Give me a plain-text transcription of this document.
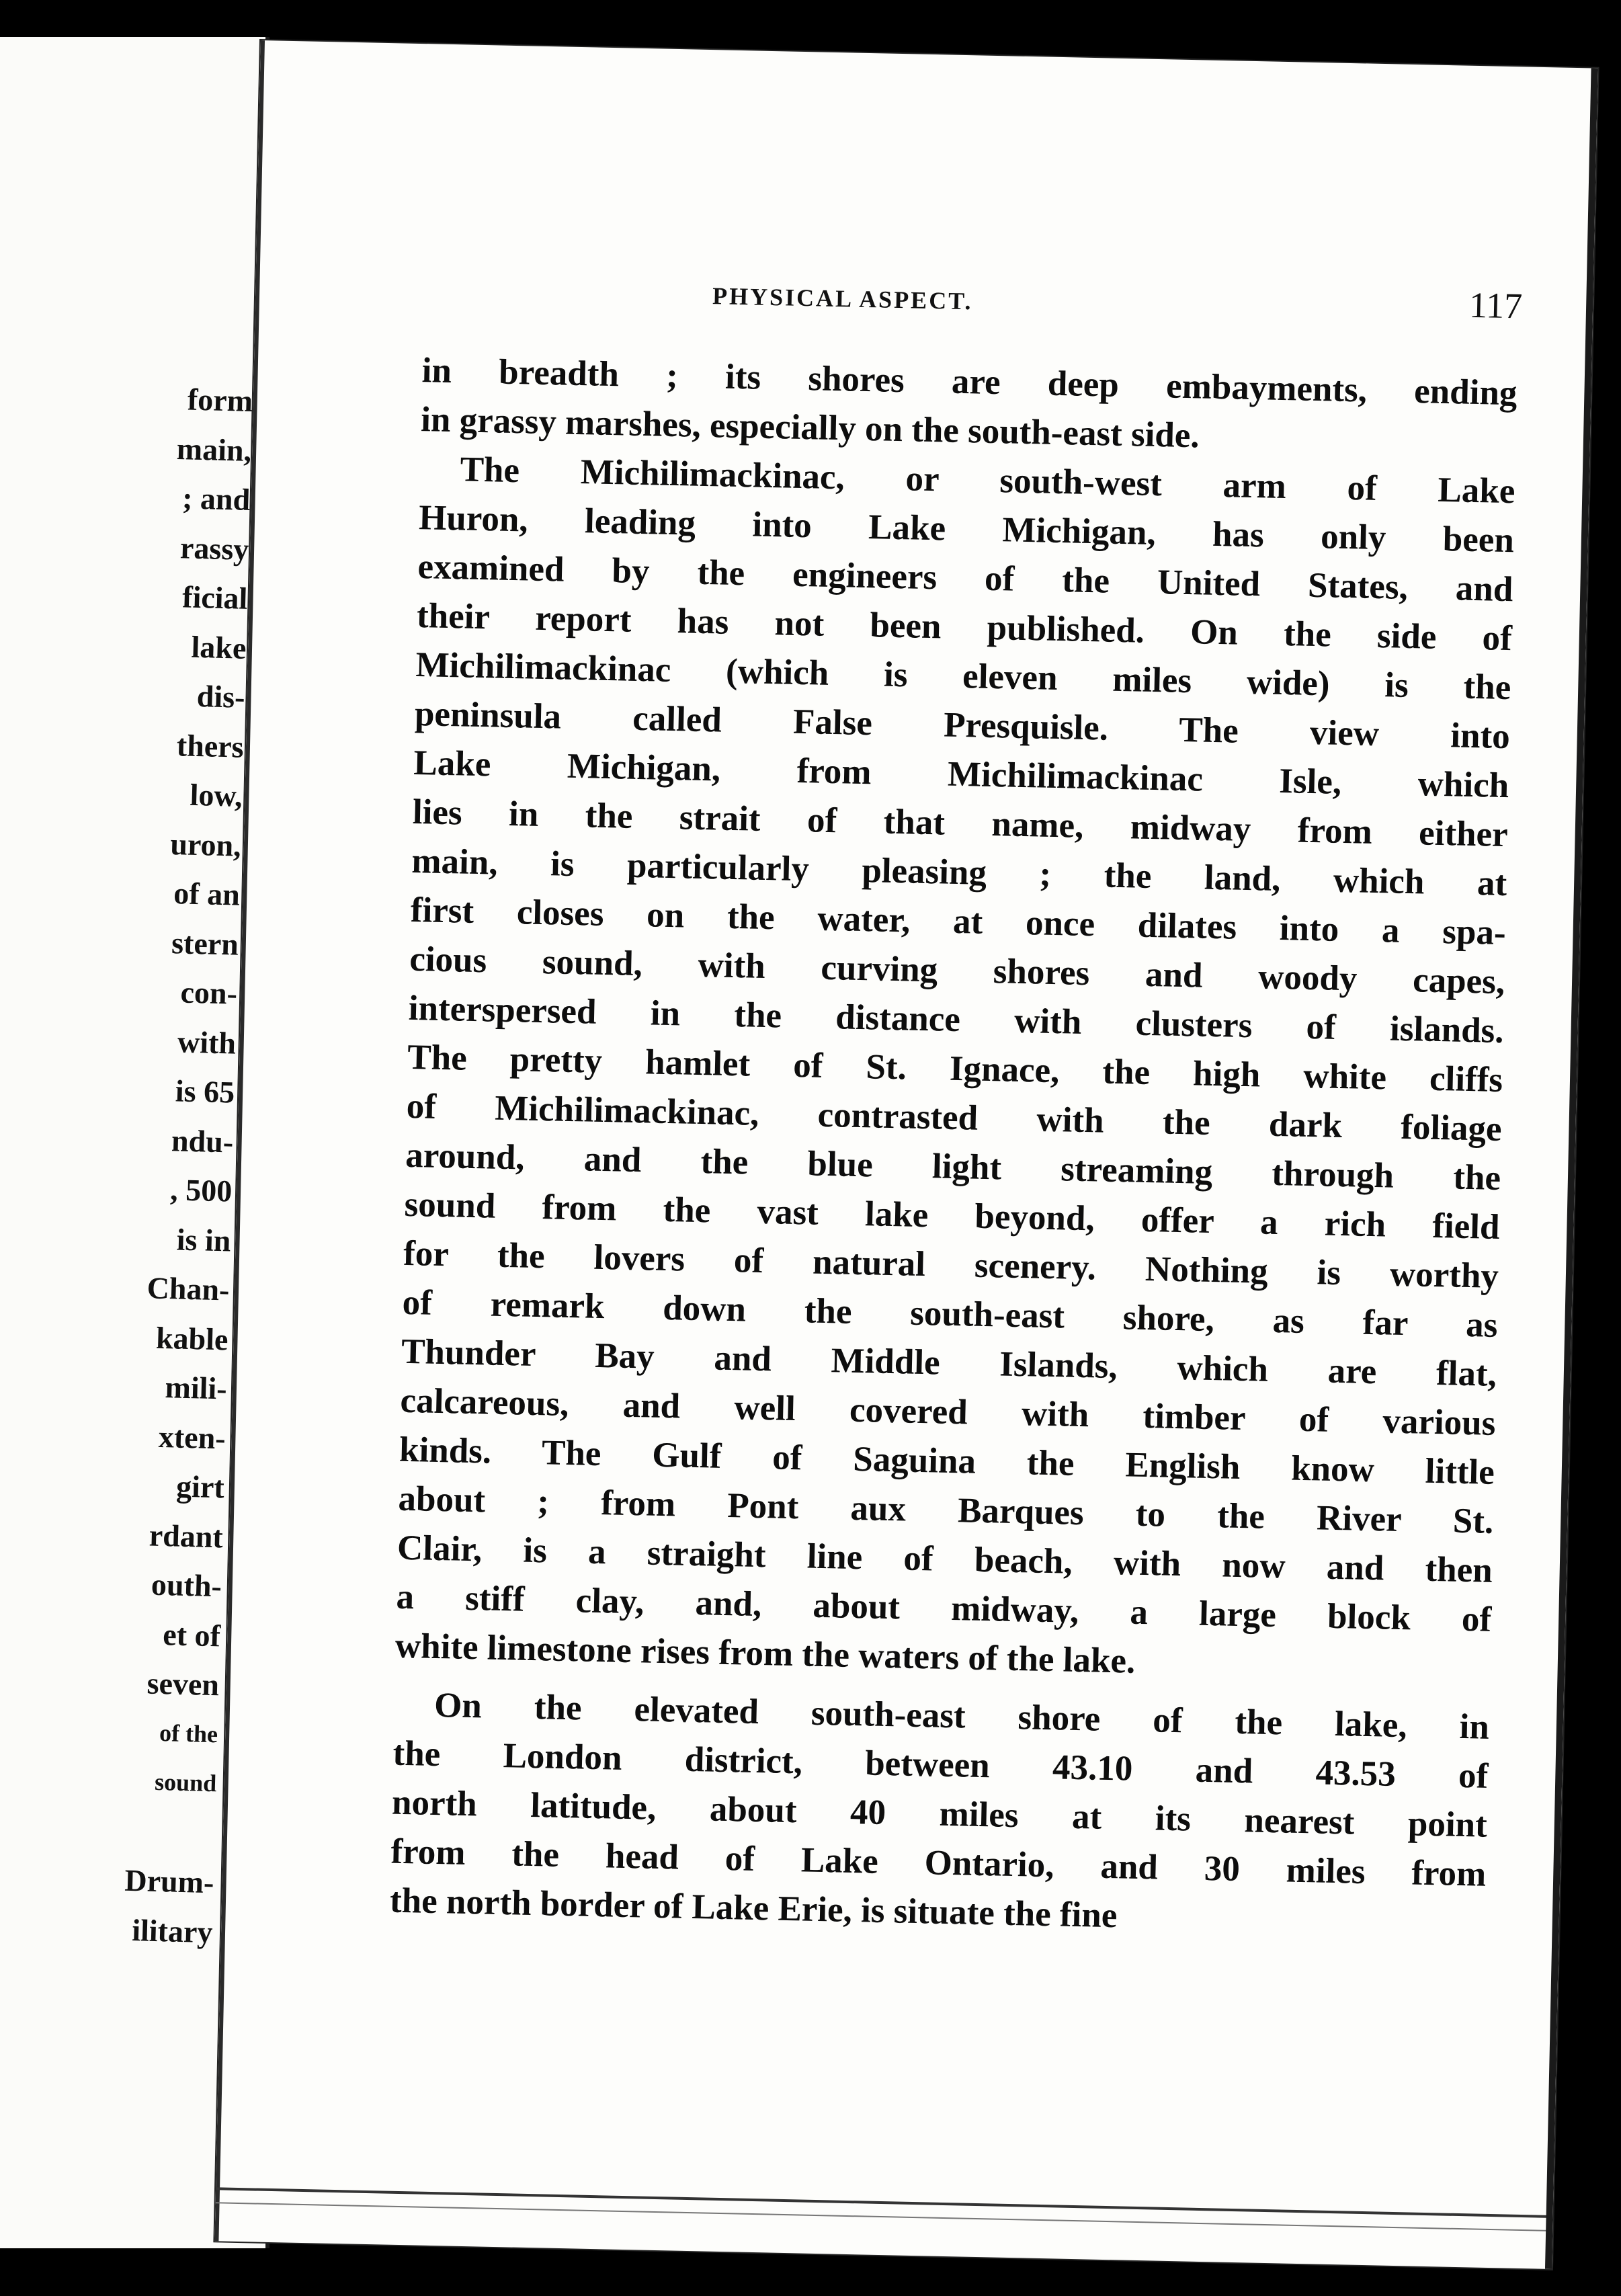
form
main,
; and
rassy
ficial
lake
dis-
thers
low,
uron,
of an
stern
con-
with
is 65
ndu-
, 500
is in
Chan-
kable
mili-
xten-
girt
rdant
outh-
et of
seven
of the
sound
Drum-
ilitary
PHYSICAL ASPECT.	117
in breadth ; its shores are deep embayments, ending
in grassy marshes, especially on the south-east side.
The Michilimackinac, or south-west arm of Lake
Huron, leading into Lake Michigan, has only been
examined by the engineers of the United States, and
their report has not been published. On the side of
Michilimackinac (which is eleven miles wide) is the
peninsula called False Presquisle. The view into
Lake Michigan, from Michilimackinac Isle, which
lies in the strait of that name, midway from either
main, is particularly pleasing ; the land, which at
first closes on the water, at once dilates into a spa-
cious sound, with curving shores and woody capes,
interspersed in the distance with clusters of islands.
The pretty hamlet of St. Ignace, the high white cliffs
of Michilimackinac, contrasted with the dark foliage
around, and the blue light streaming through the
sound from the vast lake beyond, offer a rich field
for the lovers of natural scenery. Nothing is worthy
of remark down the south-east shore, as far as
Thunder Bay and Middle Islands, which are flat,
calcareous, and well covered with timber of various
kinds. The Gulf of Saguina the English know little
about ; from Pont aux Barques to the River St.
Clair, is a straight line of beach, with now and then
a stiff clay, and, about midway, a large block of
white limestone rises from the waters of the lake.
On the elevated south-east shore of the lake, in
the London district, between 43.10 and 43.53 of
north latitude, about 40 miles at its nearest point
from the head of Lake Ontario, and 30 miles from
the north border of Lake Erie, is situate the fine
